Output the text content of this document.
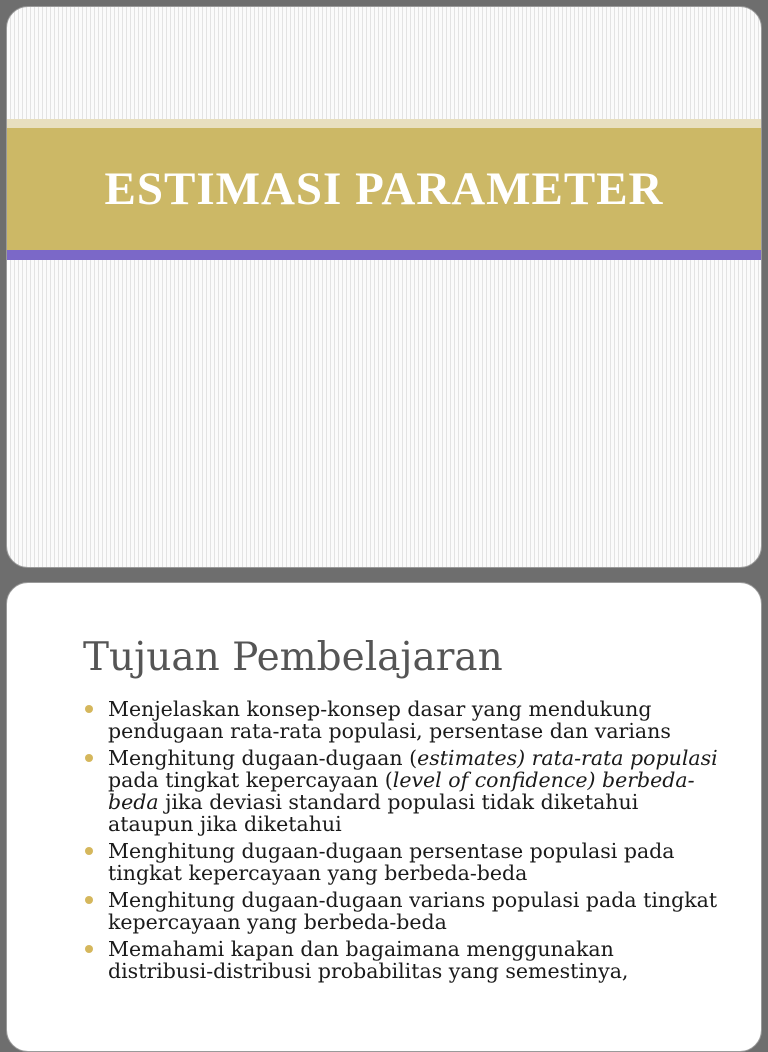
ESTIMASI PARAMETER
Tujuan Pembelajaran
Menjelaskan konsep-konsep dasar yang mendukung pendugaan rata-rata populasi, persentase dan varians
Menghitung dugaan-dugaan (estimates) rata-rata populasi pada tingkat kepercayaan (level of confidence) berbeda-beda jika deviasi standard populasi tidak diketahui ataupun jika diketahui
Menghitung dugaan-dugaan persentase populasi pada tingkat kepercayaan yang berbeda-beda
Menghitung dugaan-dugaan varians populasi pada tingkat kepercayaan yang berbeda-beda
Memahami kapan dan bagaimana menggunakan distribusi-distribusi probabilitas yang semestinya,
